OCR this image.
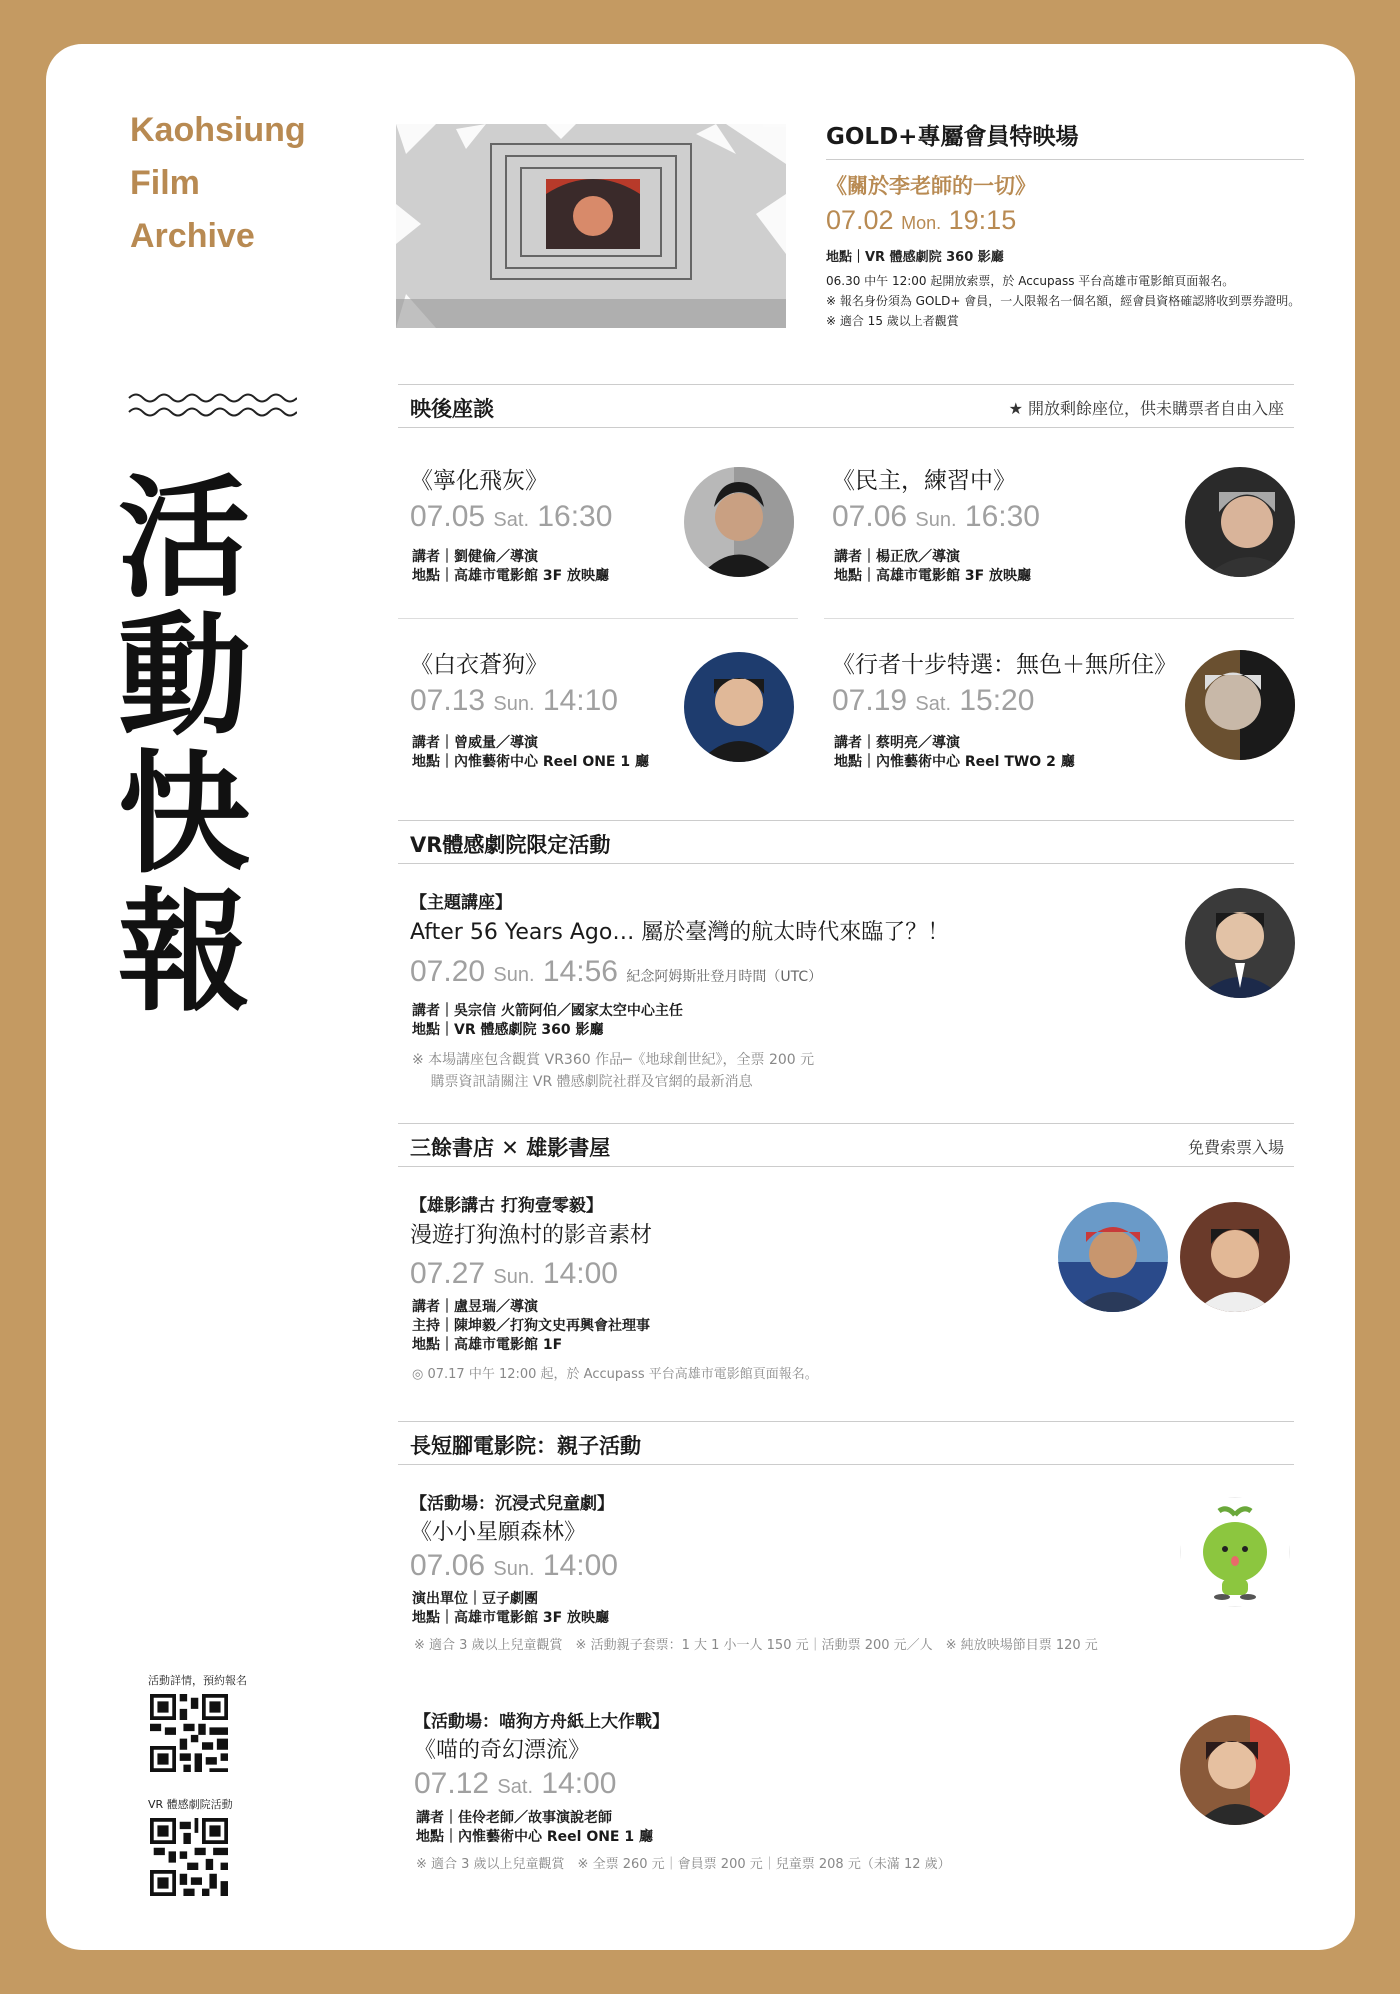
Kaohsiung
Film
Archive
活
動
快
報
活動詳情，預約報名
VR 體感劇院活動
GOLD+專屬會員特映場
《關於李老師的一切》
07.02 Mon. 19:15
地點｜VR 體感劇院 360 影廳
06.30 中午 12:00 起開放索票，於 Accupass 平台高雄市電影館頁面報名。
※ 報名身份須為 GOLD+ 會員，一人限報名一個名額，經會員資格確認將收到票券證明。
※ 適合 15 歲以上者觀賞
映後座談	★ 開放剩餘座位，供未購票者自由入座
《寧化飛灰》
07.05 Sat. 16:30
講者｜劉健倫／導演
地點｜高雄市電影館 3F 放映廳
《民主，練習中》
07.06 Sun. 16:30
講者｜楊正欣／導演
地點｜高雄市電影館 3F 放映廳
《白衣蒼狗》
07.13 Sun. 14:10
講者｜曾威量／導演
地點｜內惟藝術中心 Reel ONE 1 廳
《行者十步特選：無色＋無所住》
07.19 Sat. 15:20
講者｜蔡明亮／導演
地點｜內惟藝術中心 Reel TWO 2 廳
VR體感劇院限定活動
【主題講座】
After 56 Years Ago… 屬於臺灣的航太時代來臨了？！
07.20 Sun. 14:56 紀念阿姆斯壯登月時間（UTC）
講者｜吳宗信 火箭阿伯／國家太空中心主任
地點｜VR 體感劇院 360 影廳
※ 本場講座包含觀賞 VR360 作品─《地球創世紀》，全票 200 元
　 購票資訊請關注 VR 體感劇院社群及官網的最新消息
三餘書店 ✕ 雄影書屋	免費索票入場
【雄影講古 打狗壹零毅】
漫遊打狗漁村的影音素材
07.27 Sun. 14:00
講者｜盧昱瑞／導演
主持｜陳坤毅／打狗文史再興會社理事
地點｜高雄市電影館 1F
◎ 07.17 中午 12:00 起，於 Accupass 平台高雄市電影館頁面報名。
長短腳電影院：親子活動
【活動場：沉浸式兒童劇】
《小小星願森林》
07.06 Sun. 14:00
演出單位｜豆子劇團
地點｜高雄市電影館 3F 放映廳
※ 適合 3 歲以上兒童觀賞　※ 活動親子套票：1 大 1 小一人 150 元｜活動票 200 元／人　※ 純放映場節目票 120 元
【活動場：喵狗方舟紙上大作戰】
《喵的奇幻漂流》
07.12 Sat. 14:00
講者｜佳伶老師／故事演說老師
地點｜內惟藝術中心 Reel ONE 1 廳
※ 適合 3 歲以上兒童觀賞　※ 全票 260 元｜會員票 200 元｜兒童票 208 元（未滿 12 歲）
